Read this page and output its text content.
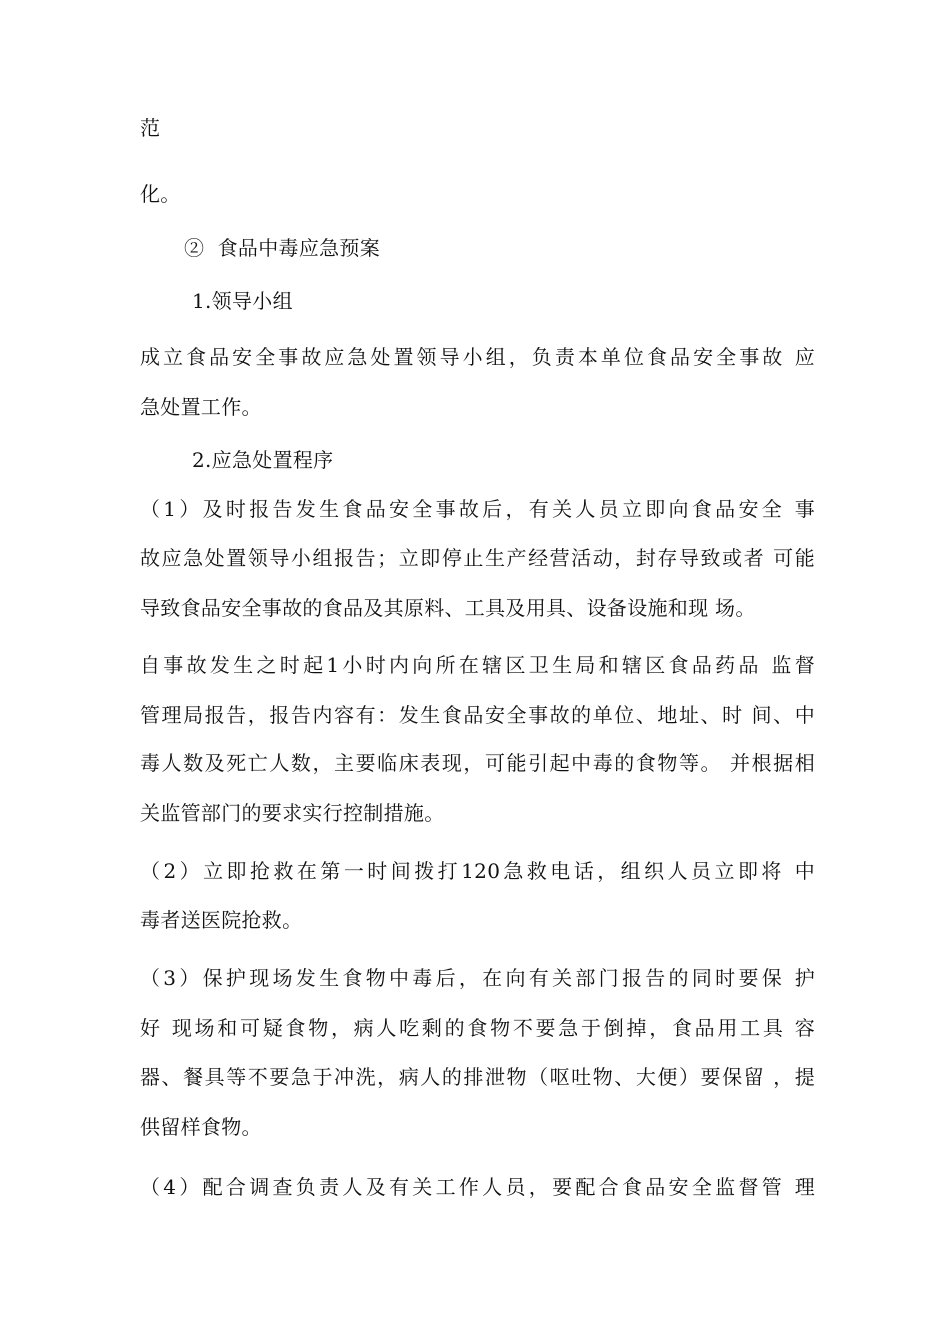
范
化。
②  食品中毒应急预案
1.领导小组
成立食品安全事故应急处置领导小组，负责本单位食品安全事故 应
急处置工作。
2.应急处置程序
（1）及时报告发生食品安全事故后，有关人员立即向食品安全 事
故应急处置领导小组报告；立即停止生产经营活动，封存导致或者 可能
导致食品安全事故的食品及其原料、工具及用具、设备设施和现 场。
自事故发生之时起1小时内向所在辖区卫生局和辖区食品药品 监督
管理局报告，报告内容有：发生食品安全事故的单位、地址、时 间、中
毒人数及死亡人数，主要临床表现，可能引起中毒的食物等。 并根据相
关监管部门的要求实行控制措施。
（2）立即抢救在第一时间拨打120急救电话，组织人员立即将 中
毒者送医院抢救。
（3）保护现场发生食物中毒后，在向有关部门报告的同时要保 护
好 现场和可疑食物，病人吃剩的食物不要急于倒掉，食品用工具 容
器、餐具等不要急于冲洗，病人的排泄物（呕吐物、大便）要保留 ，提
供留样食物。
（4）配合调查负责人及有关工作人员，要配合食品安全监督管 理
